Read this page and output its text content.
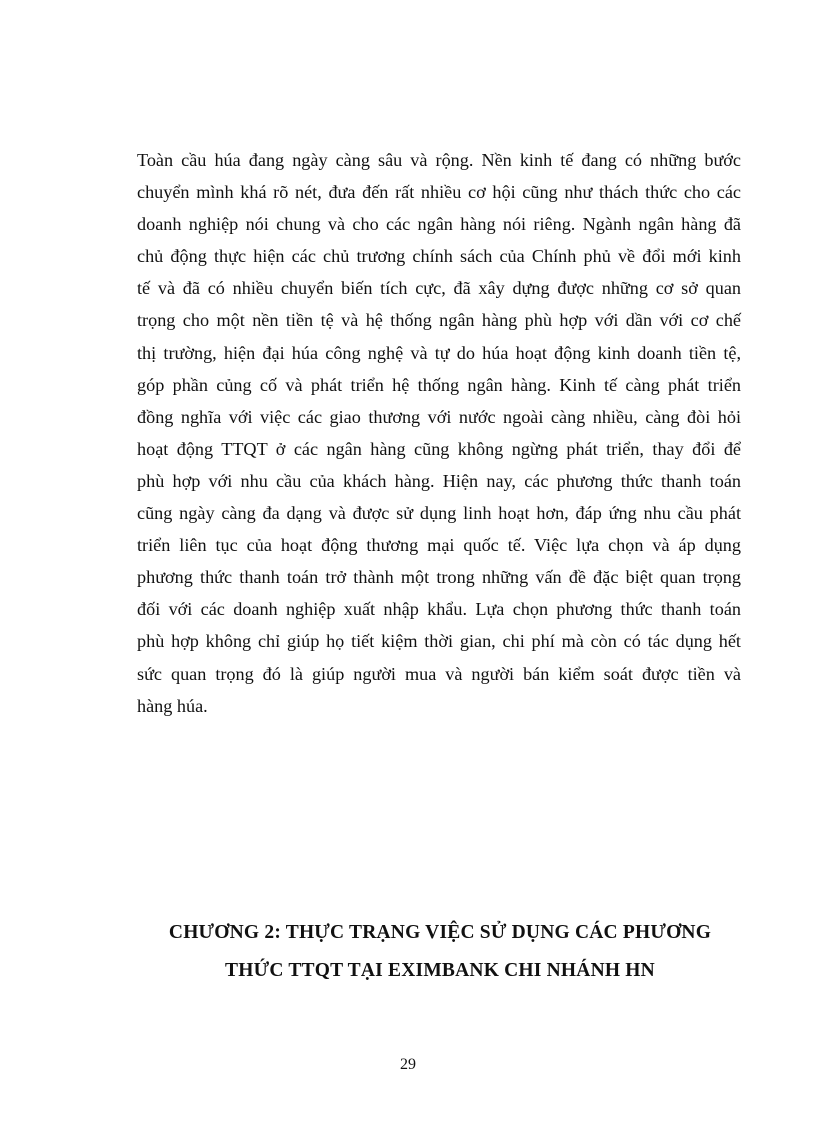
Toàn cầu húa đang ngày càng sâu và rộng. Nền kinh tế đang có những bước
chuyển mình khá rõ nét, đưa đến rất nhiều cơ hội cũng như thách thức cho các
doanh nghiệp nói chung và cho các ngân hàng nói riêng. Ngành ngân hàng đã
chủ động thực hiện các chủ trương chính sách của Chính phủ về đổi mới kinh
tế và đã có nhiều chuyển biến tích cực, đã xây dựng được những cơ sở quan
trọng cho một nền tiền tệ và hệ thống ngân hàng phù hợp với dần với cơ chế
thị trường, hiện đại húa công nghệ và tự do húa hoạt động kinh doanh tiền tệ,
góp phần củng cố và phát triển hệ thống ngân hàng. Kinh tế càng phát triển
đồng nghĩa với việc các giao thương với nước ngoài càng nhiều, càng đòi hỏi
hoạt động TTQT ở các ngân hàng cũng không ngừng phát triển, thay đổi để
phù hợp với nhu cầu của khách hàng. Hiện nay, các phương thức thanh toán
cũng ngày càng đa dạng và được sử dụng linh hoạt hơn, đáp ứng nhu cầu phát
triển liên tục của hoạt động thương mại quốc tế. Việc lựa chọn và áp dụng
phương thức thanh toán trở thành một trong những vấn đề đặc biệt quan trọng
đối với các doanh nghiệp xuất nhập khẩu. Lựa chọn phương thức thanh toán
phù hợp không chỉ giúp họ tiết kiệm thời gian, chi phí mà còn có tác dụng hết
sức quan trọng đó là giúp người mua và người bán kiểm soát được tiền và
hàng húa.
CHƯƠNG 2: THỰC TRẠNG VIỆC SỬ DỤNG CÁC PHƯƠNG
THỨC TTQT TẠI EXIMBANK CHI NHÁNH HN
29
